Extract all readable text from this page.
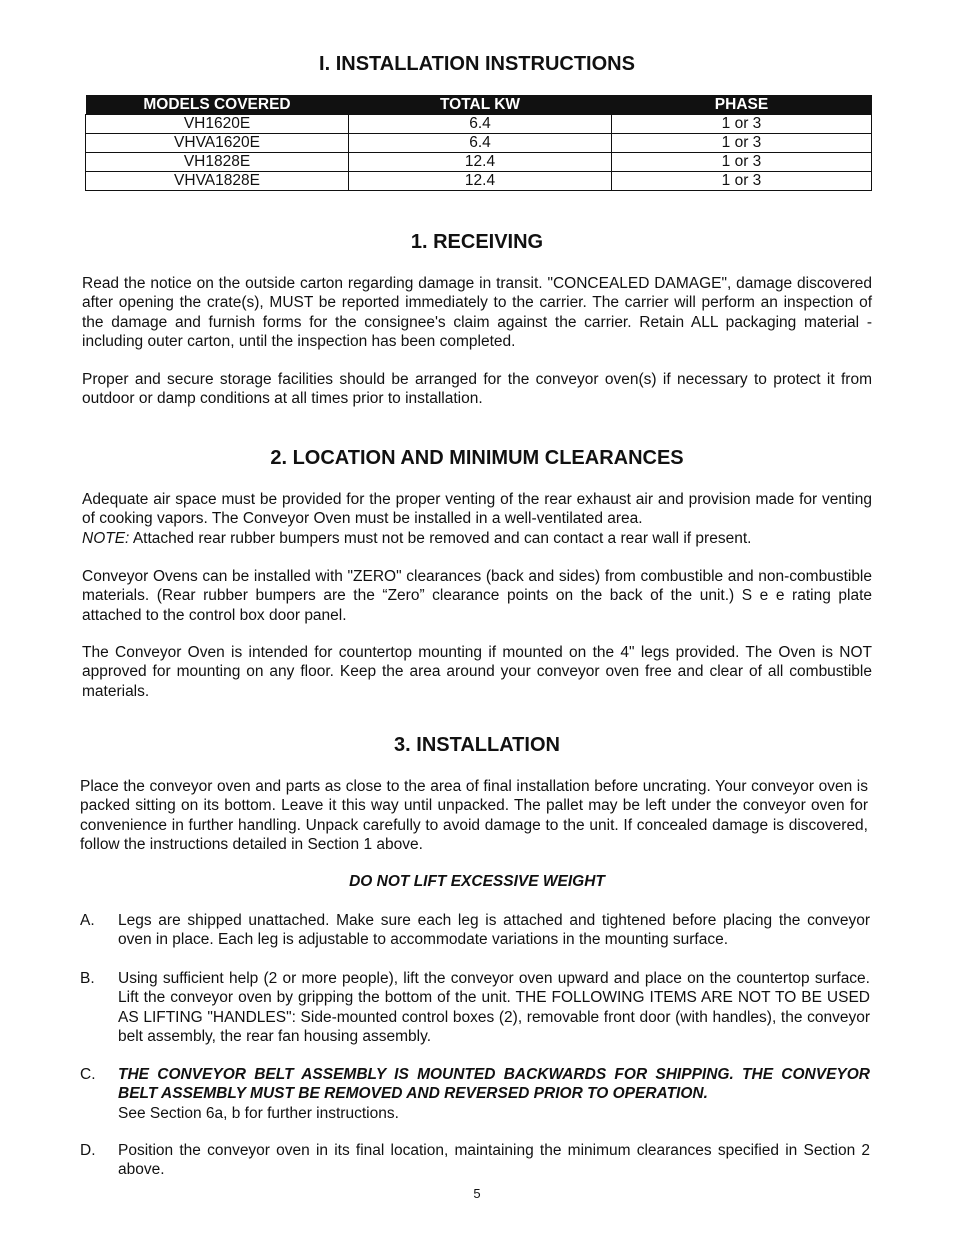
I. INSTALLATION INSTRUCTIONS
MODELS COVERED	TOTAL KW	PHASE
VH1620E	6.4	1 or 3
VHVA1620E	6.4	1 or 3
VH1828E	12.4	1 or 3
VHVA1828E	12.4	1 or 3
1. RECEIVING

Read the notice on the outside carton regarding damage in transit. "CONCEALED DAMAGE", damage discovered after opening the crate(s), MUST be reported immediately to the carrier. The carrier will perform an inspection of the damage and furnish forms for the consignee's claim against the carrier. Retain ALL packaging material - including outer carton, until the inspection has been completed.

Proper and secure storage facilities should be arranged for the conveyor oven(s) if necessary to protect it from outdoor or damp conditions at all times prior to installation.

2. LOCATION AND MINIMUM CLEARANCES

Adequate air space must be provided for the proper venting of the rear exhaust air and provision made for venting of cooking vapors. The Conveyor Oven must be installed in a well-ventilated area.
NOTE: Attached rear rubber bumpers must not be removed and can contact a rear wall if present.

Conveyor Ovens can be installed with "ZERO" clearances (back and sides) from combustible and non-combustible materials. (Rear rubber bumpers are the “Zero” clearance points on the back of the unit.) S e e rating plate attached to the control box door panel.

The Conveyor Oven is intended for countertop mounting if mounted on the 4" legs provided. The Oven is NOT approved for mounting on any floor. Keep the area around your conveyor oven free and clear of all combustible materials.

3. INSTALLATION

Place the conveyor oven and parts as close to the area of final installation before uncrating. Your conveyor oven is packed sitting on its bottom. Leave it this way until unpacked. The pallet may be left under the conveyor oven for convenience in further handling. Unpack carefully to avoid damage to the unit. If concealed damage is discovered, follow the instructions detailed in Section 1 above.

DO NOT LIFT EXCESSIVE WEIGHT
A. Legs are shipped unattached. Make sure each leg is attached and tightened before placing the conveyor oven in place. Each leg is adjustable to accommodate variations in the mounting surface.
B. Using sufficient help (2 or more people), lift the conveyor oven upward and place on the countertop surface. Lift the conveyor oven by gripping the bottom of the unit. THE FOLLOWING ITEMS ARE NOT TO BE USED AS LIFTING "HANDLES": Side-mounted control boxes (2), removable front door (with handles), the conveyor belt assembly, the rear fan housing assembly.
C. THE CONVEYOR BELT ASSEMBLY IS MOUNTED BACKWARDS FOR SHIPPING. THE CONVEYOR BELT ASSEMBLY MUST BE REMOVED AND REVERSED PRIOR TO OPERATION.
See Section 6a, b for further instructions.
D. Position the conveyor oven in its final location, maintaining the minimum clearances specified in Section 2 above.
5
